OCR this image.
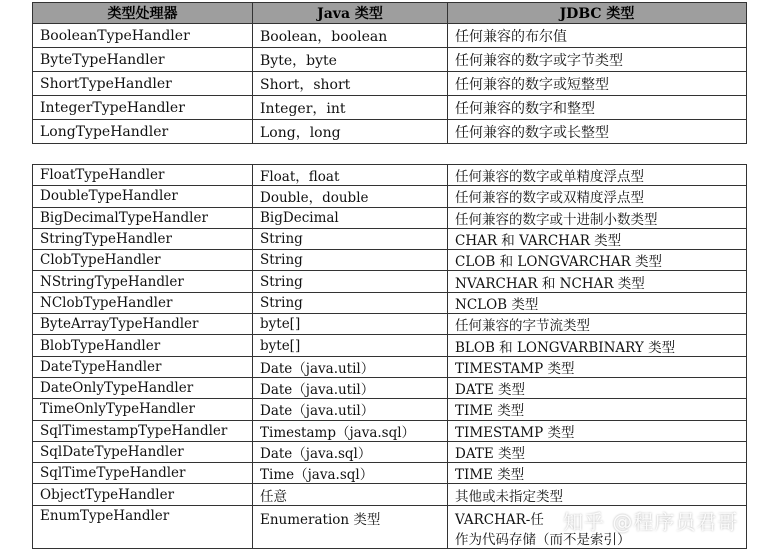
类型处理器	Java 类型	JDBC 类型
BooleanTypeHandler	Boolean，boolean	任何兼容的布尔值
ByteTypeHandler	Byte，byte	任何兼容的数字或字节类型
ShortTypeHandler	Short，short	任何兼容的数字或短整型
IntegerTypeHandler	Integer，int	任何兼容的数字和整型
LongTypeHandler	Long，long	任何兼容的数字或长整型
FloatTypeHandler	Float，float	任何兼容的数字或单精度浮点型
DoubleTypeHandler	Double，double	任何兼容的数字或双精度浮点型
BigDecimalTypeHandler	BigDecimal	任何兼容的数字或十进制小数类型
StringTypeHandler	String	CHAR 和 VARCHAR 类型
ClobTypeHandler	String	CLOB 和 LONGVARCHAR 类型
NStringTypeHandler	String	NVARCHAR 和 NCHAR 类型
NClobTypeHandler	String	NCLOB 类型
ByteArrayTypeHandler	byte[]	任何兼容的字节流类型
BlobTypeHandler	byte[]	BLOB 和 LONGVARBINARY 类型
DateTypeHandler	Date（java.util）	TIMESTAMP 类型
DateOnlyTypeHandler	Date（java.util）	DATE 类型
TimeOnlyTypeHandler	Date（java.util）	TIME 类型
SqlTimestampTypeHandler	Timestamp（java.sql）	TIMESTAMP 类型
SqlDateTypeHandler	Date（java.sql）	DATE 类型
SqlTimeTypeHandler	Time（java.sql）	TIME 类型
ObjectTypeHandler	任意	其他或未指定类型
EnumTypeHandler	Enumeration 类型	VARCHAR-任
作为代码存储（而不是索引）
知乎 @程序员君哥
